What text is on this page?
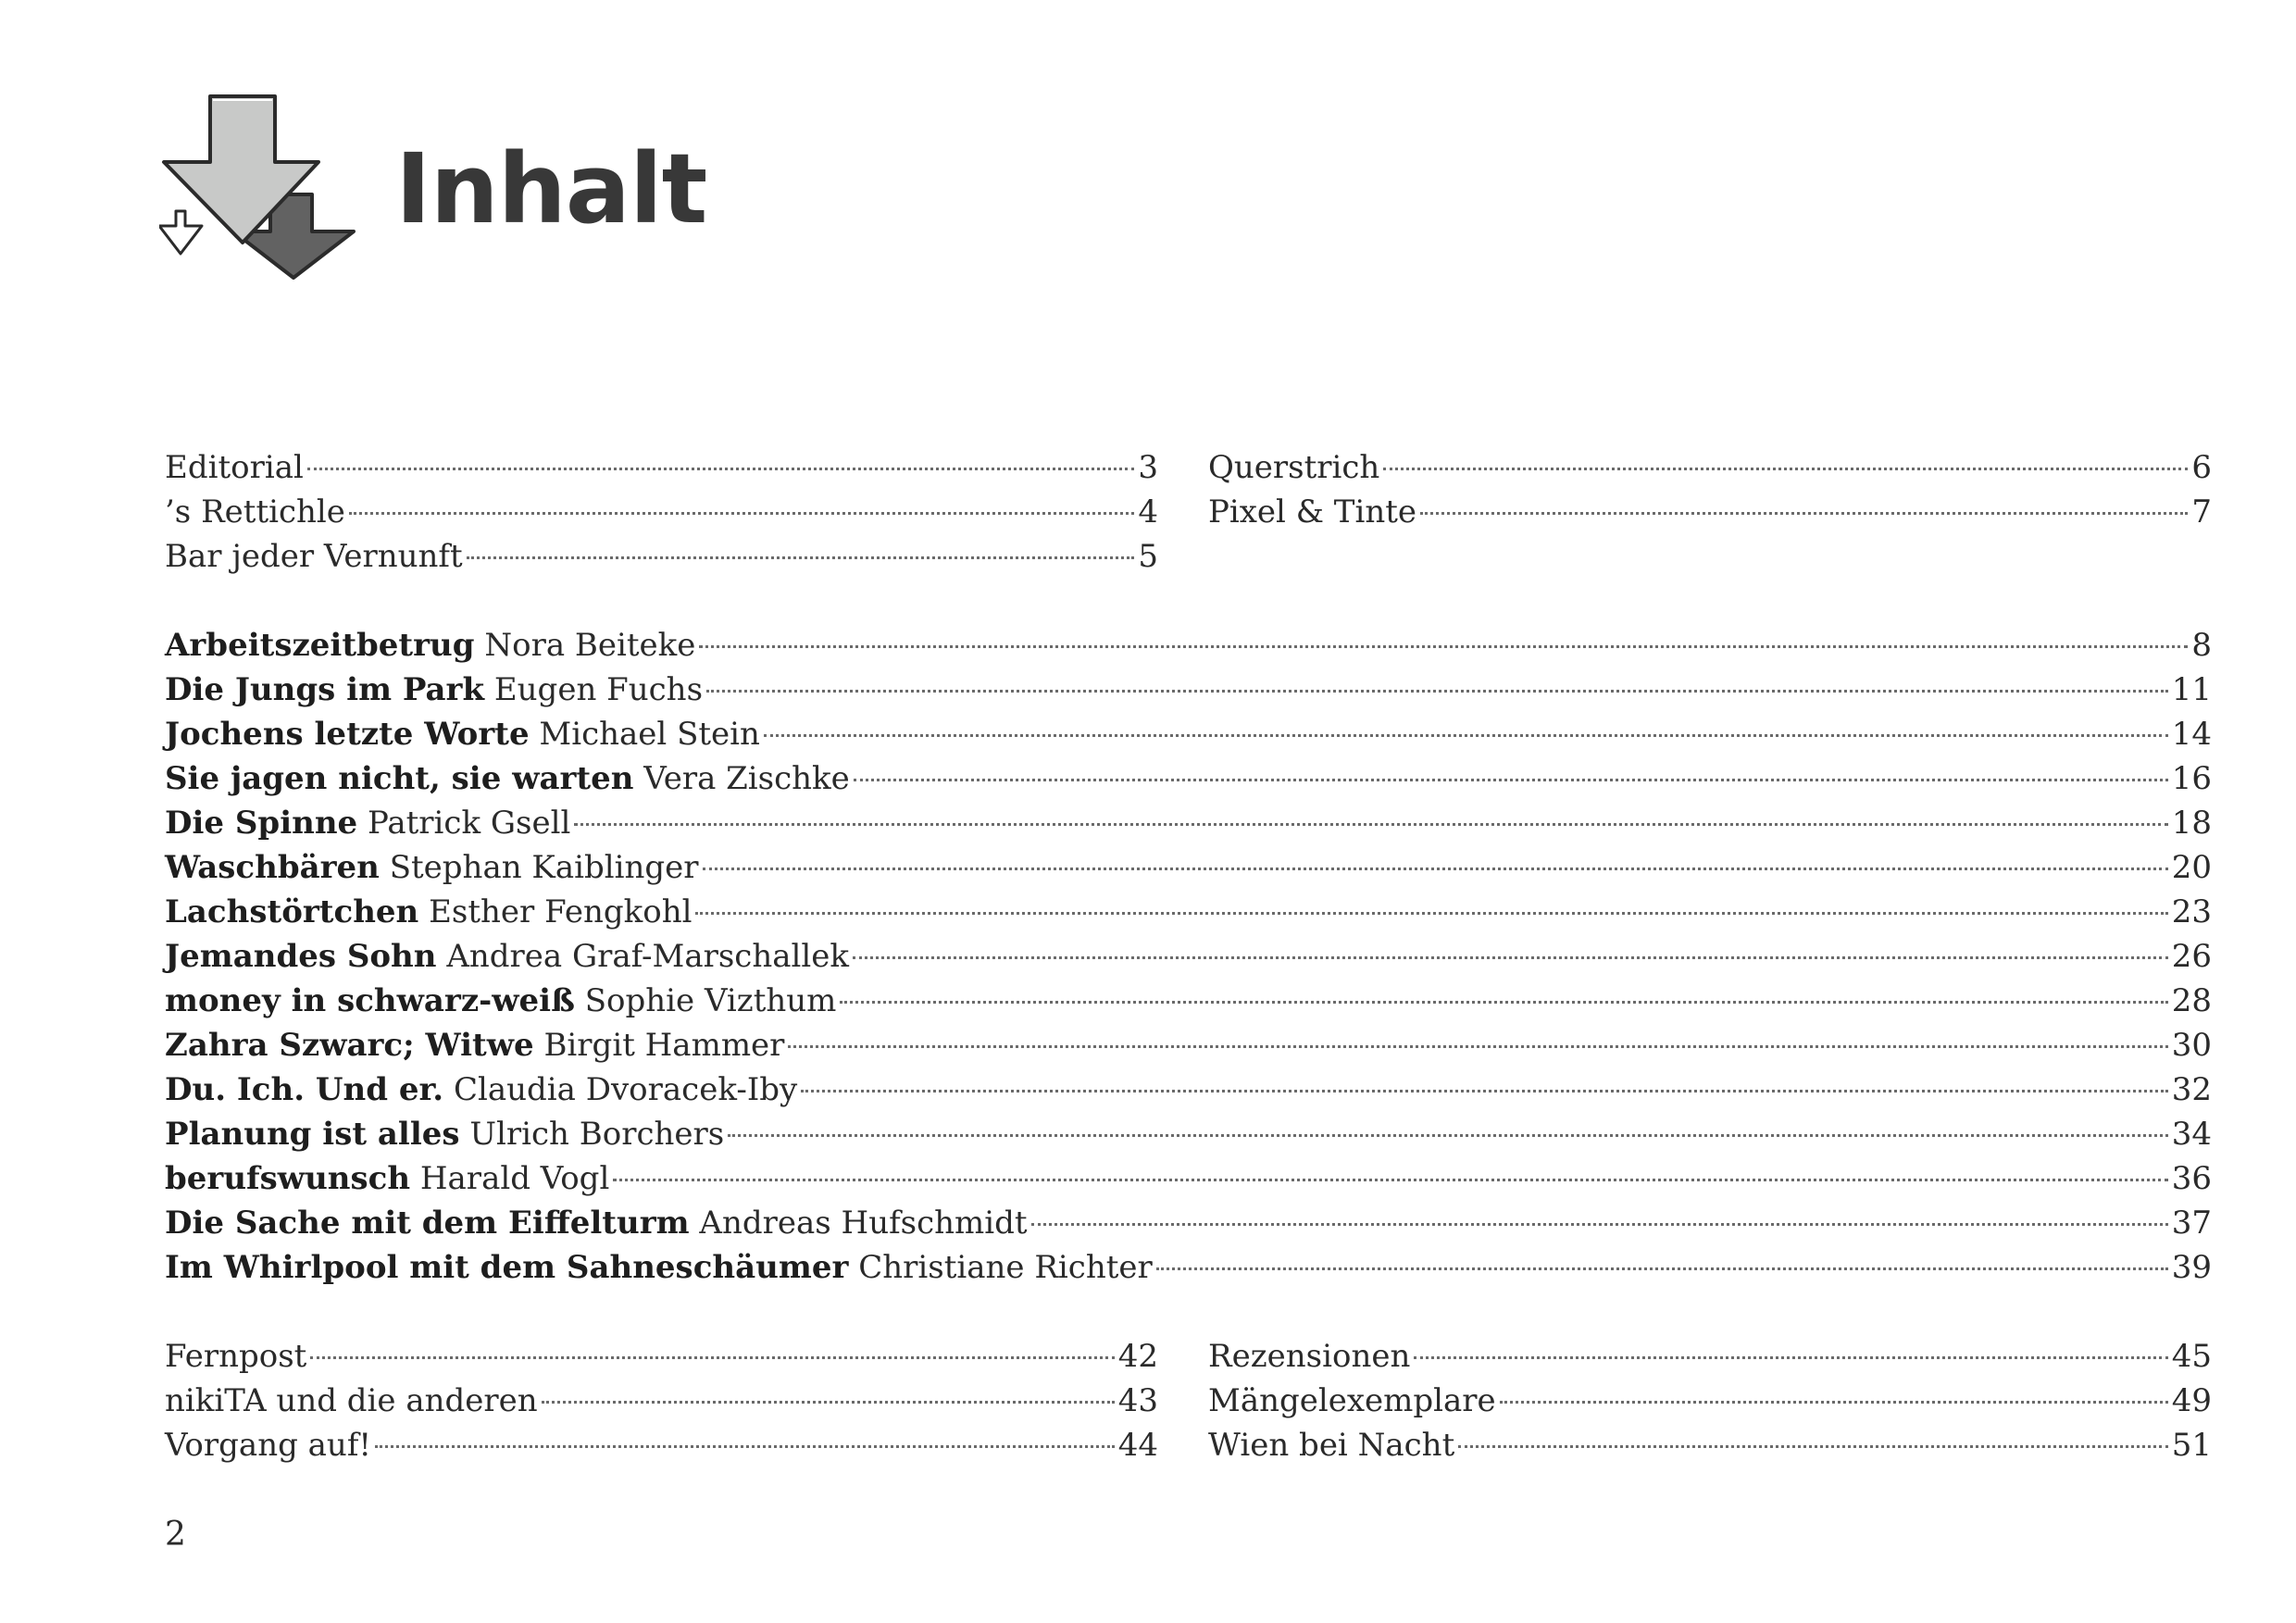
Inhalt
Editorial	3
’s Rettichle	4
Bar jeder Vernunft	5
Querstrich	6
Pixel & Tinte	7
Arbeitszeitbetrug Nora Beiteke	8
Die Jungs im Park Eugen Fuchs	11
Jochens letzte Worte Michael Stein	14
Sie jagen nicht, sie warten Vera Zischke	16
Die Spinne Patrick Gsell	18
Waschbären Stephan Kaiblinger	20
Lachstörtchen Esther Fengkohl	23
Jemandes Sohn Andrea Graf-Marschallek	26
money in schwarz-weiß Sophie Vizthum	28
Zahra Szwarc; Witwe Birgit Hammer	30
Du. Ich. Und er. Claudia Dvoracek-Iby	32
Planung ist alles Ulrich Borchers	34
berufswunsch Harald Vogl	36
Die Sache mit dem Eiffelturm Andreas Hufschmidt	37
Im Whirlpool mit dem Sahneschäumer Christiane Richter	39
Fernpost	42
nikiTA und die anderen	43
Vorgang auf!	44
Rezensionen	45
Mängelexemplare	49
Wien bei Nacht	51
2
